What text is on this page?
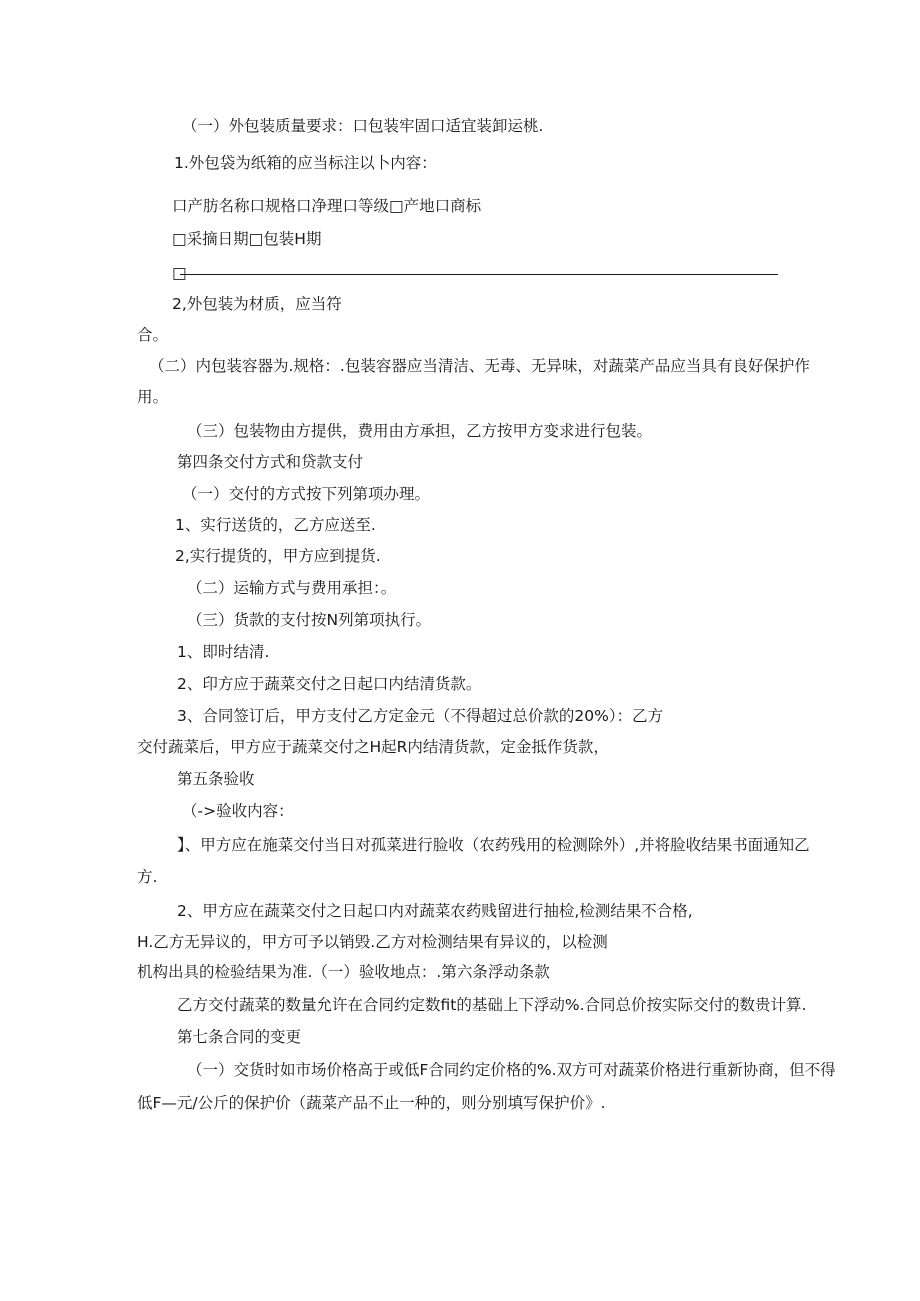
（一）外包装质量要求：口包装牢固口适宜装卸运桃.
1.外包袋为纸箱的应当标注以卜内容：
口产肪名称口规格口净理口等级□产地口商标
□采摘日期□包装H期
□
2,外包装为材质，应当符
合。
（二）内包装容器为.规格：.包装容器应当清洁、无毒、无异味，对蔬菜产品应当具有良好保护作
用。
（三）包装物由方提供，费用由方承担，乙方按甲方变求进行包装。
第四条交付方式和贷款支付
（一）交付的方式按下列第项办理。
1、实行送货的，乙方应送至.
2,实行提货的，甲方应到提货.
（二）运输方式与费用承担：。
（三）货款的支付按N列第项执行。
1、即时结清.
2、印方应于蔬菜交付之日起口内结清货款。
3、合同签订后，甲方支付乙方定金元（不得超过总价款的20%）：乙方
交付蔬菜后，甲方应于蔬菜交付之H起R内结清货款，定金抵作货款，
第五条验收
（->验收内容：
】、甲方应在施菜交付当日对孤菜进行脸收（农药残用的检测除外）,并将脸收结果书面通知乙
方.
2、甲方应在蔬菜交付之日起口内对蔬菜农药贱留进行抽检,检测结果不合格,
H.乙方无异议的，甲方可予以销毁.乙方对检测结果有异议的，以检测
机构出具的检验结果为准.（一）验收地点：.第六条浮动条款
乙方交付蔬菜的数量允许在合同约定数fit的基础上下浮动%.合同总价按实际交付的数贵计算.
第七条合同的变更
（一）交货时如市场价格高于或低F合同约定价格的%.双方可对蔬菜价格进行重新协商，但不得
低F—元/公斤的保护价（蔬菜产品不止一种的，则分别填写保护价》.
